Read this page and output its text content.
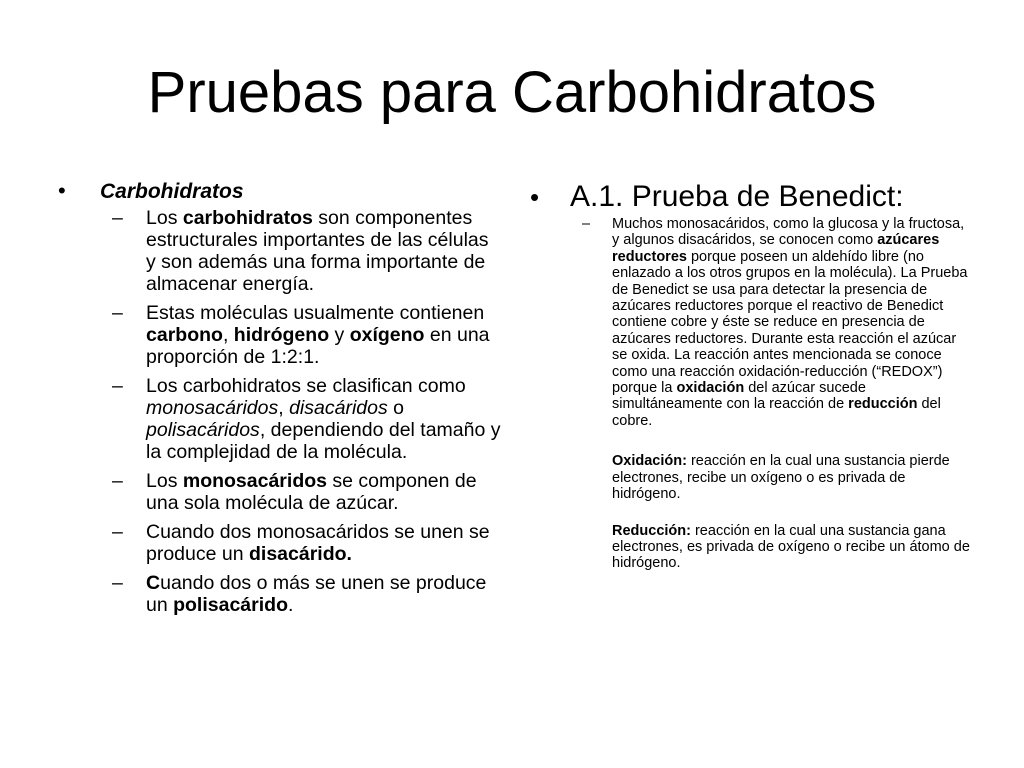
Pruebas para Carbohidratos
•	Carbohidratos
–	Los carbohidratos son componentes estructurales importantes de las células y son además una forma importante de almacenar energía.
–	Estas moléculas usualmente contienen carbono, hidrógeno y oxígeno en una proporción de 1:2:1.
–	Los carbohidratos se clasifican como monosacáridos, disacáridos o polisacáridos, dependiendo del tamaño y la complejidad de la molécula.
–	Los monosacáridos se componen de una sola molécula de azúcar.
–	Cuando dos monosacáridos se unen se produce un disacárido.
–	Cuando dos o más se unen se produce un polisacárido.
•	A.1. Prueba de Benedict:
–	Muchos monosacáridos, como la glucosa y la fructosa, y algunos disacáridos, se conocen como azúcares reductores porque poseen un aldehído libre (no enlazado a los otros grupos en la molécula). La Prueba de Benedict se usa para detectar la presencia de azúcares reductores porque el reactivo de Benedict contiene cobre y éste se reduce en presencia de azúcares reductores. Durante esta reacción el azúcar se oxida. La reacción antes mencionada se conoce como una reacción oxidación-reducción (“REDOX”) porque la oxidación del azúcar sucede simultáneamente con la reacción de reducción del cobre.
Oxidación: reacción en la cual una sustancia pierde electrones, recibe un oxígeno o es privada de hidrógeno.
Reducción: reacción en la cual una sustancia gana electrones, es privada de oxígeno o recibe un átomo de hidrógeno.
